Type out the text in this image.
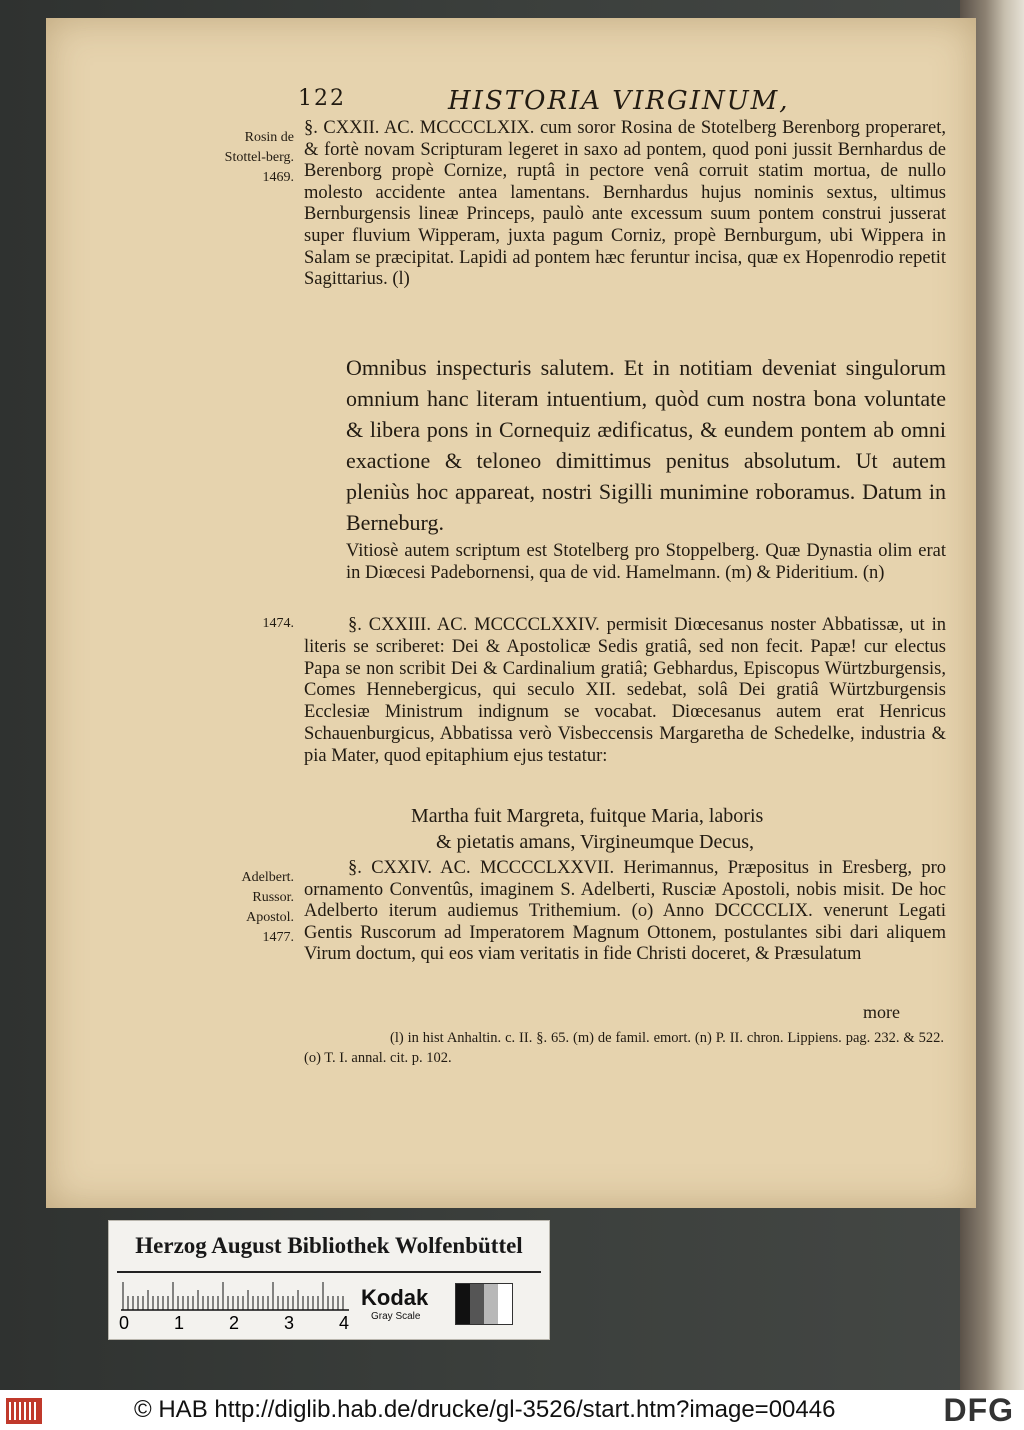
122	HISTORIA VIRGINUM,
Rosin de Stottel-berg. 1469.
1474.
Adelbert. Russor. Apostol. 1477.
§. CXXII. AC. MCCCCLXIX. cum soror Rosina de Stotelberg Berenborg properaret, & fortè novam Scripturam legeret in saxo ad pontem, quod poni jussit Bernhardus de Berenborg propè Cornize, ruptâ in pectore venâ corruit statim mortua, de nullo molesto accidente antea lamentans. Bernhardus hujus nominis sextus, ultimus Bernburgensis lineæ Princeps, paulò ante excessum suum pontem construi jusserat super fluvium Wipperam, juxta pagum Corniz, propè Bernburgum, ubi Wippera in Salam se præcipitat. Lapidi ad pontem hæc feruntur incisa, quæ ex Hopenrodio repetit Sagittarius. (l)
Omnibus inspecturis salutem. Et in notitiam deveniat singulorum omnium hanc literam intuentium, quòd cum nostra bona voluntate & libera pons in Cornequiz ædificatus, & eundem pontem ab omni exactione & teloneo dimittimus penitus absolutum. Ut autem pleniùs hoc appareat, nostri Sigilli munimine roboramus. Datum in Berneburg.
Vitiosè autem scriptum est Stotelberg pro Stoppelberg. Quæ Dynastia olim erat in Diœcesi Padebornensi, qua de vid. Hamelmann. (m) & Pideritium. (n)
§. CXXIII. AC. MCCCCLXXIV. permisit Diœcesanus noster Abbatissæ, ut in literis se scriberet: Dei & Apostolicæ Sedis gratiâ, sed non fecit. Papæ! cur electus Papa se non scribit Dei & Cardinalium gratiâ; Gebhardus, Episcopus Würtzburgensis, Comes Hennebergicus, qui seculo XII. sedebat, solâ Dei gratiâ Würtzburgensis Ecclesiæ Ministrum indignum se vocabat. Diœcesanus autem erat Henricus Schauenburgicus, Abbatissa verò Visbeccensis Margaretha de Schedelke, industria & pia Mater, quod epitaphium ejus testatur:
Martha fuit Margreta, fuitque Maria, laboris
& pietatis amans, Virgineumque Decus,
§. CXXIV. AC. MCCCCLXXVII. Herimannus, Præpositus in Eresberg, pro ornamento Conventûs, imaginem S. Adelberti, Rusciæ Apostoli, nobis misit. De hoc Adelberto iterum audiemus Trithemium. (o) Anno DCCCCLIX. venerunt Legati Gentis Ruscorum ad Imperatorem Magnum Ottonem, postulantes sibi dari aliquem Virum doctum, qui eos viam veritatis in fide Christi doceret, & Præsulatum
more
(l) in hist Anhaltin. c. II. §. 65. (m) de famil. emort. (n) P. II. chron. Lippiens. pag. 232. & 522. (o) T. I. annal. cit. p. 102.
Herzog August Bibliothek Wolfenbüttel
0 1 2 3 4
Kodak
Gray Scale
© HAB http://diglib.hab.de/drucke/gl-3526/start.htm?image=00446	DFG
